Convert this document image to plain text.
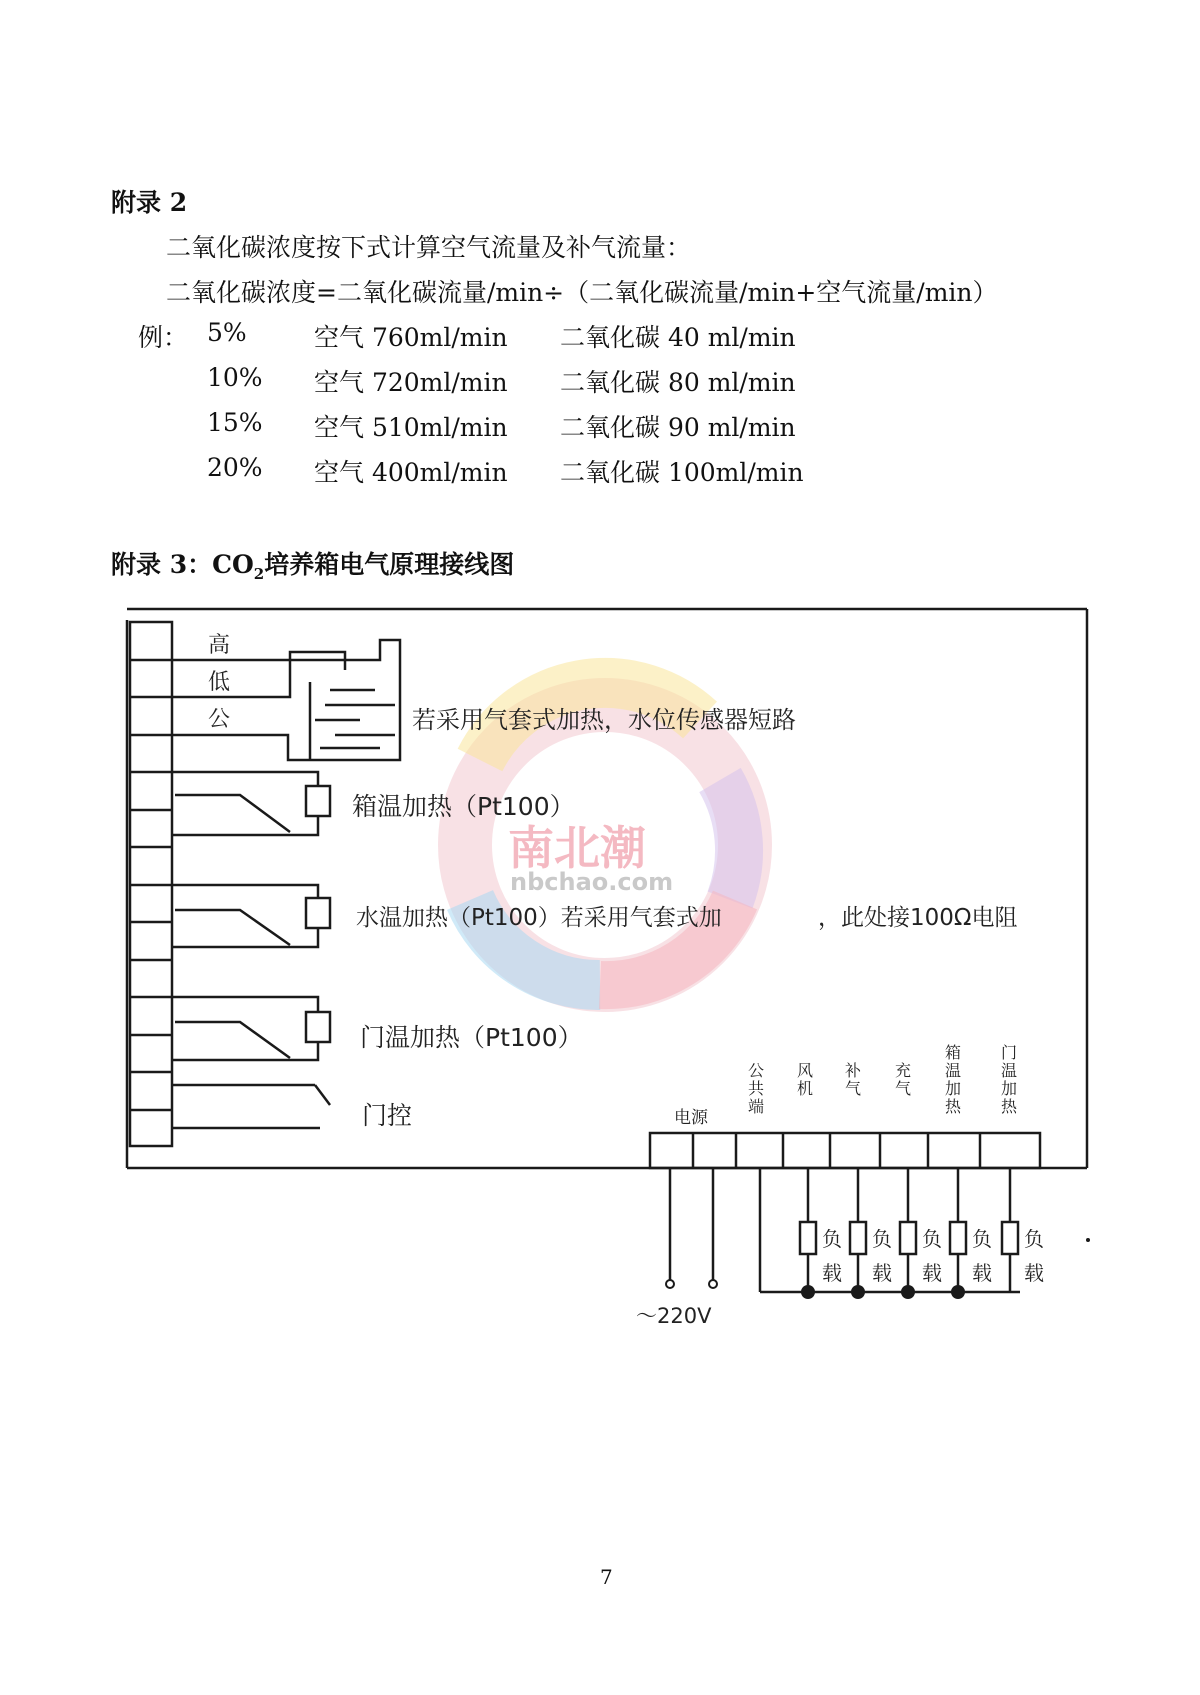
附录 2
二氧化碳浓度按下式计算空气流量及补气流量：
二氧化碳浓度=二氧化碳流量/min÷（二氧化碳流量/min+空气流量/min）
例： 5%	空气 760ml/min 二氧化碳 40 ml/min
10% 空气 720ml/min 二氧化碳 80 ml/min
15% 空气 510ml/min 二氧化碳 90 ml/min
20% 空气 400ml/min 二氧化碳 100ml/min
附录 3：$CO_2$培养箱电气原理接线图
南北潮
nbchao.com
高
低
公	若采用气套式加热，水位传感器短路
箱温加热（Pt100）
水温加热（Pt100）若采用气套式加	，此处接100Ω电阻
门温加热（Pt100）
门控	电源
公共端
风机
补气
充气
箱温加热
门温加热
负载
负载
负载
负载
负载
～220V
7
